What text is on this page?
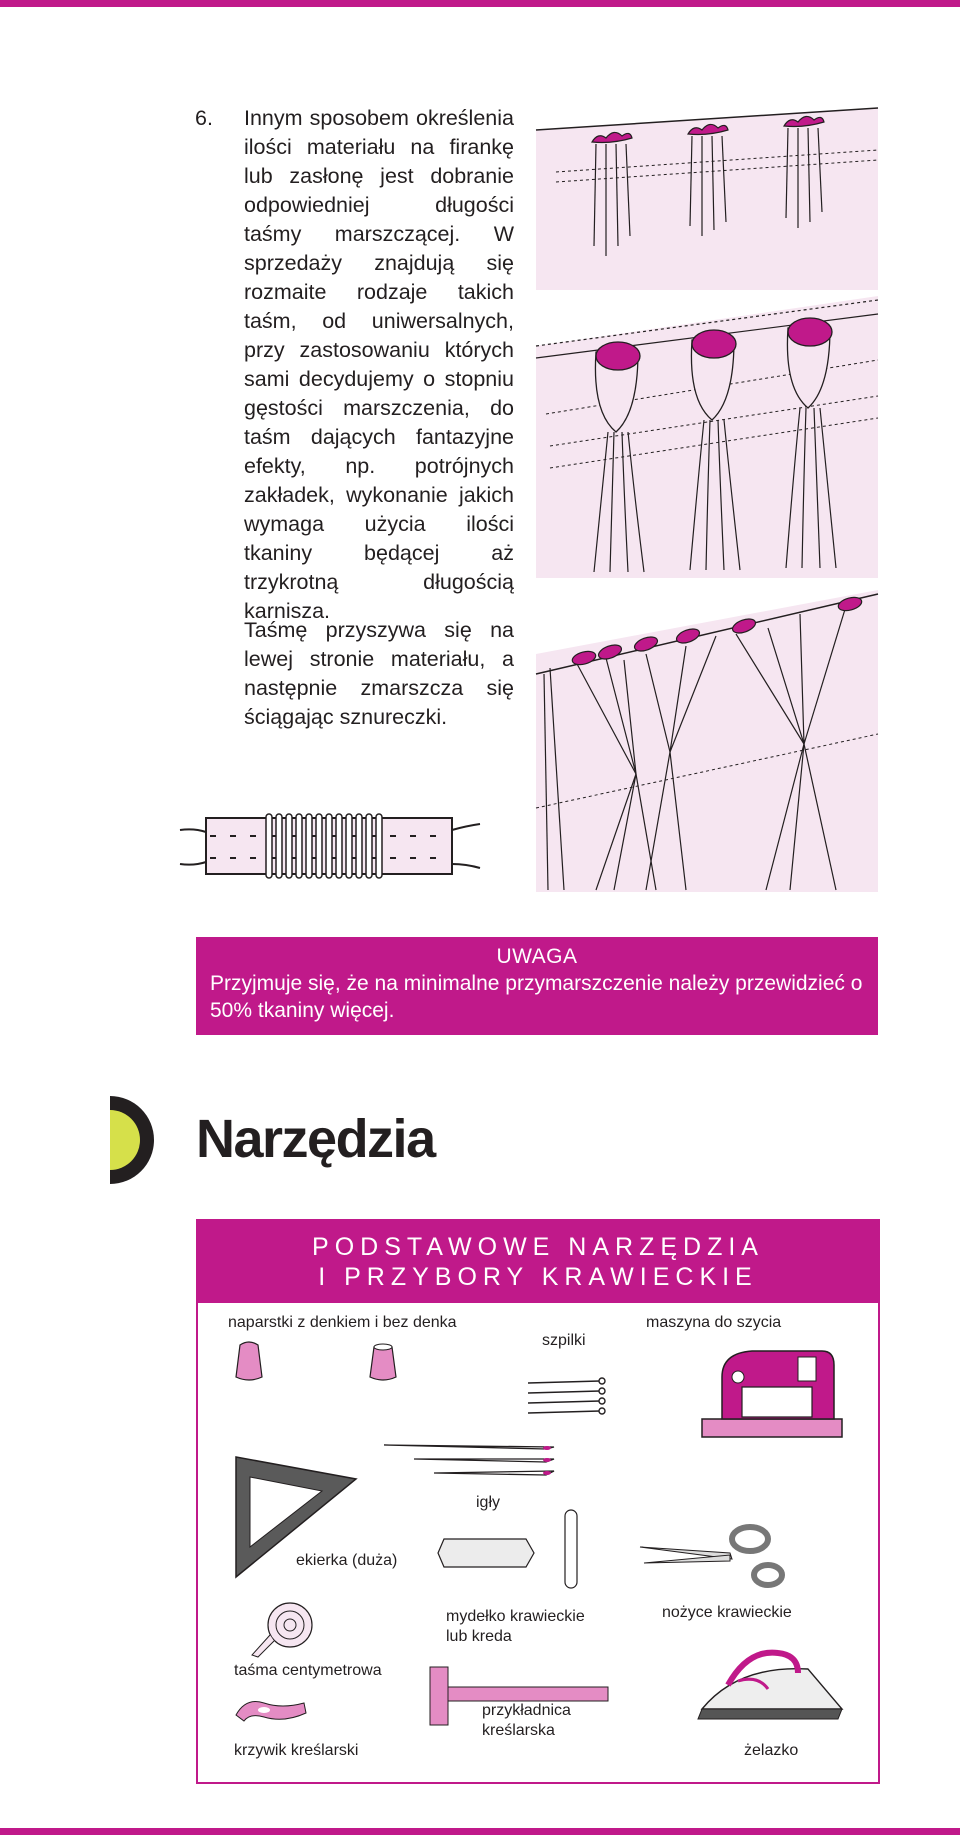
6. Innym sposobem określenia ilości materiału na firankę lub zasłonę jest dobranie odpowiedniej długości taśmy marszczącej. W sprzedaży znajdują się rozmaite rodzaje takich taśm, od uniwersalnych, przy zastosowaniu których sami decydujemy o stopniu gęstości marszczenia, do taśm dających fantazyjne efekty, np. potrójnych zakładek, wykonanie jakich wymaga użycia ilości tkaniny będącej aż trzykrotną długością karnisza.
Taśmę przyszywa się na lewej stronie materiału, a następnie zmarszcza się ściągając sznureczki.
UWAGA
Przyjmuje się, że na minimalne przymarszczenie należy przewidzieć o 50% tkaniny więcej.
Narzędzia
PODSTAWOWE NARZĘDZIA
I PRZYBORY KRAWIECKIE
naparstki z denkiem i bez denka
szpilki
maszyna do szycia
ekierka (duża)
igły
mydełko krawieckie
lub kreda
nożyce krawieckie
taśma centymetrowa
krzywik kreślarski
przykładnica
kreślarska
żelazko
